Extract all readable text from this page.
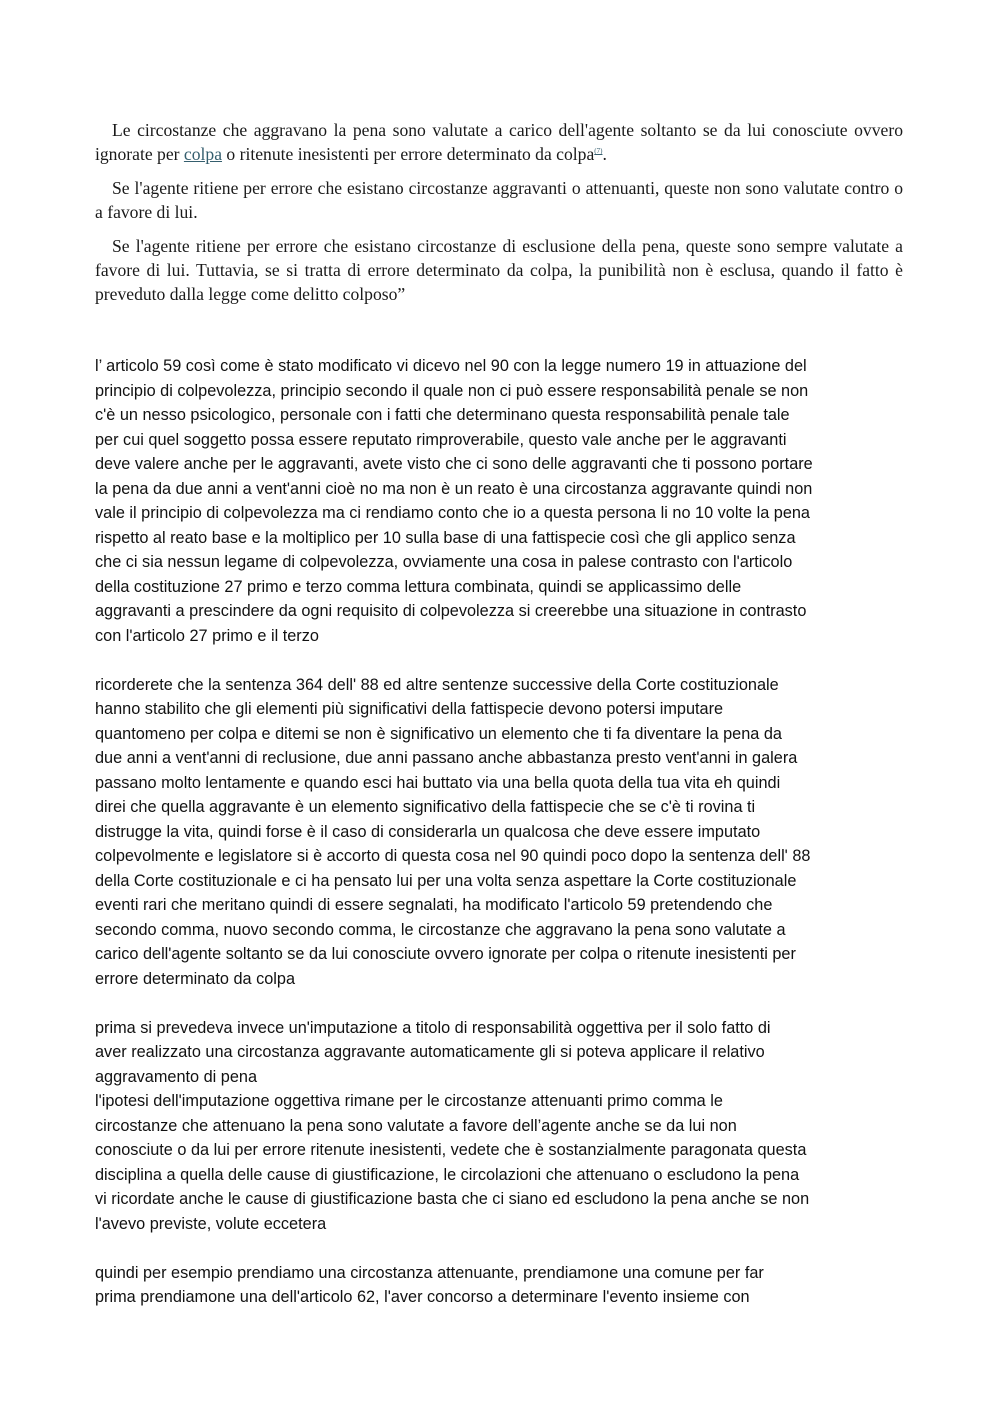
Le circostanze che aggravano la pena sono valutate a carico dell'agente soltanto se da lui conosciute ovvero ignorate per colpa o ritenute inesistenti per errore determinato da colpa$^{(7)}$.

Se l'agente ritiene per errore che esistano circostanze aggravanti o attenuanti, queste non sono valutate contro o a favore di lui.

Se l'agente ritiene per errore che esistano circostanze di esclusione della pena, queste sono sempre valutate a favore di lui. Tuttavia, se si tratta di errore determinato da colpa, la punibilità non è esclusa, quando il fatto è preveduto dalla legge come delitto colposo”

l’ articolo 59 così come è stato modificato vi dicevo nel 90 con la legge numero 19 in attuazione del
principio di colpevolezza, principio secondo il quale non ci può essere responsabilità penale se non
c'è un nesso psicologico, personale con i fatti che determinano questa responsabilità penale tale
per cui quel soggetto possa essere reputato rimproverabile, questo vale anche per le aggravanti
deve valere anche per le aggravanti, avete visto che ci sono delle aggravanti che ti possono portare
la pena da due anni a vent'anni cioè no ma non è un reato è una circostanza aggravante quindi non
vale il principio di colpevolezza ma ci rendiamo conto che io a questa persona li no 10 volte la pena
rispetto al reato base e la moltiplico per 10 sulla base di una fattispecie così che gli applico senza
che ci sia nessun legame di colpevolezza, ovviamente una cosa in palese contrasto con l'articolo
della costituzione 27 primo e terzo comma lettura combinata, quindi se applicassimo delle
aggravanti a prescindere da ogni requisito di colpevolezza si creerebbe una situazione in contrasto
con l'articolo 27 primo e il terzo

ricorderete che la sentenza 364 dell' 88 ed altre sentenze successive della Corte costituzionale
hanno stabilito che gli elementi più significativi della fattispecie devono potersi imputare
quantomeno per colpa e ditemi se non è significativo un elemento che ti fa diventare la pena da
due anni a vent'anni di reclusione, due anni passano anche abbastanza presto vent'anni in galera
passano molto lentamente e quando esci hai buttato via una bella quota della tua vita eh quindi
direi che quella aggravante è un elemento significativo della fattispecie che se c'è ti rovina ti
distrugge la vita, quindi forse è il caso di considerarla un qualcosa che deve essere imputato
colpevolmente e legislatore si è accorto di questa cosa nel 90 quindi poco dopo la sentenza dell' 88
della Corte costituzionale e ci ha pensato lui per una volta senza aspettare la Corte costituzionale
eventi rari che meritano quindi di essere segnalati, ha modificato l'articolo 59 pretendendo che
secondo comma, nuovo secondo comma, le circostanze che aggravano la pena sono valutate a
carico dell'agente soltanto se da lui conosciute ovvero ignorate per colpa o ritenute inesistenti per
errore determinato da colpa

prima si prevedeva invece un'imputazione a titolo di responsabilità oggettiva per il solo fatto di
aver realizzato una circostanza aggravante automaticamente gli si poteva applicare il relativo
aggravamento di pena

l'ipotesi dell'imputazione oggettiva rimane per le circostanze attenuanti primo comma le
circostanze che attenuano la pena sono valutate a favore dell’agente anche se da lui non
conosciute o da lui per errore ritenute inesistenti, vedete che è sostanzialmente paragonata questa
disciplina a quella delle cause di giustificazione, le circolazioni che attenuano o escludono la pena
vi ricordate anche le cause di giustificazione basta che ci siano ed escludono la pena anche se non
l'avevo previste, volute eccetera

quindi per esempio prendiamo una circostanza attenuante, prendiamone una comune per far
prima prendiamone una dell'articolo 62, l'aver concorso a determinare l'evento insieme con
